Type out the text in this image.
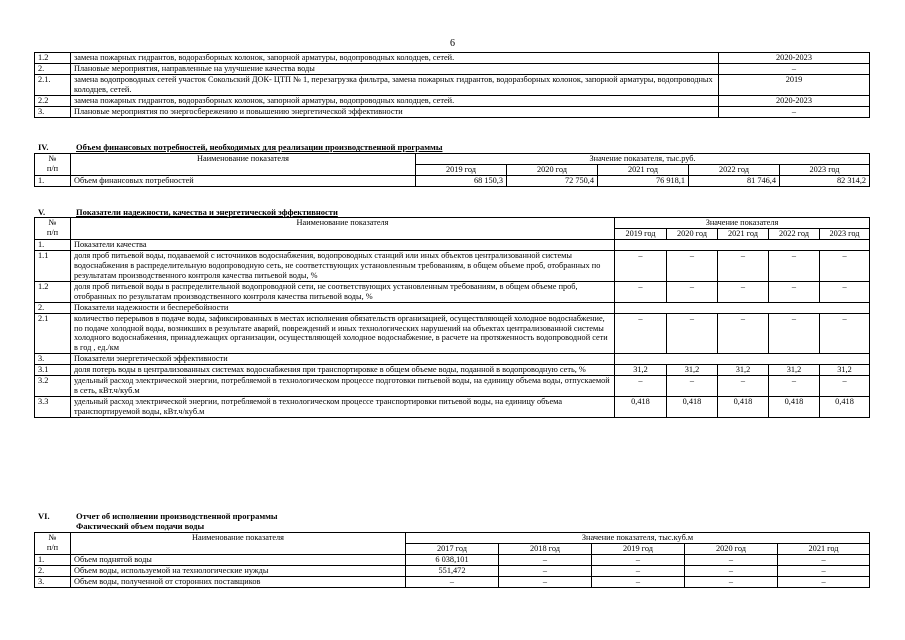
6
1.2	замена пожарных гидрантов, водоразборных колонок, запорной арматуры, водопроводных колодцев, сетей.	2020-2023
2.	Плановые мероприятия, направленные на улучшение качества воды	–
2.1.	замена водопроводных сетей участок Сокольский ДОК- ЦТП № 1, перезагрузка фильтра, замена пожарных гидрантов, водоразборных колонок, запорной арматуры, водопроводных колодцев, сетей.	2019
2.2	замена пожарных гидрантов, водоразборных колонок, запорной арматуры, водопроводных колодцев, сетей.	2020-2023
3.	Плановые мероприятия по энергосбережению и повышению энергетической эффективности	–
IV.	Объем финансовых потребностей, необходимых для реализации производственной программы
№
п/п	Наименование показателя	Значение показателя, тыс.руб.				
		2019 год	2020 год	2021 год	2022 год	2023 год
1.	Объем финансовых потребностей	68 150,3	72 750,4	76 918,1	81 746,4	82 314,2
V.	Показатели надежности, качества и энергетической эффективности
№
п/п	Наименование показателя	Значение показателя				
		2019 год	2020 год	2021 год	2022 год	2023 год
1.	Показатели качества					
1.1	доля проб питьевой воды, подаваемой с источников водоснабжения, водопроводных станций или иных объектов централизованной системы водоснабжения в распределительную водопроводную сеть, не соответствующих установленным требованиям, в общем объеме проб, отобранных по результатам производственного контроля качества питьевой воды, %	–	–	–	–	–
1.2	доля проб питьевой воды в распределительной водопроводной сети, не соответствующих установленным требованиям, в общем объеме проб, отобранных по результатам производственного контроля качества питьевой воды, %	–	–	–	–	–
2.	Показатели надежности и бесперебойности					
2.1	количество перерывов в подаче воды, зафиксированных в местах исполнения обязательств организацией, осуществляющей холодное водоснабжение, по подаче холодной воды, возникших в результате аварий, повреждений и иных технологических нарушений на объектах централизованной системы холодного водоснабжения, принадлежащих организации, осуществляющей холодное водоснабжение, в расчете на протяженность водопроводной сети в год , ед./км	–	–	–	–	–
3.	Показатели энергетической эффективности					
3.1	доля потерь воды в централизованных системах водоснабжения при транспортировке в общем объеме воды, поданной в водопроводную сеть, %	31,2	31,2	31,2	31,2	31,2
3.2	удельный расход электрической энергии, потребляемой в технологическом процессе подготовки питьевой воды, на единицу объема воды, отпускаемой в сеть, кВт.ч/куб.м	–	–	–	–	–
3.3	удельный расход электрической энергии, потребляемой в технологическом процессе транспортировки питьевой воды, на единицу объема транспортируемой воды, кВт.ч/куб.м	0,418	0,418	0,418	0,418	0,418
VI.	Отчет об исполнении производственной программы
Фактический объем подачи воды
№
п/п	Наименование показателя	Значение показателя, тыс.куб.м				
		2017 год	2018 год	2019 год	2020 год	2021 год
1.	Объем поднятой воды	6 038,101	–	–	–	–
2.	Объем воды, используемой на технологические нужды	551,472	–	–	–	–
3.	Объем воды, полученной от сторонних поставщиков	–	–	–	–	–
